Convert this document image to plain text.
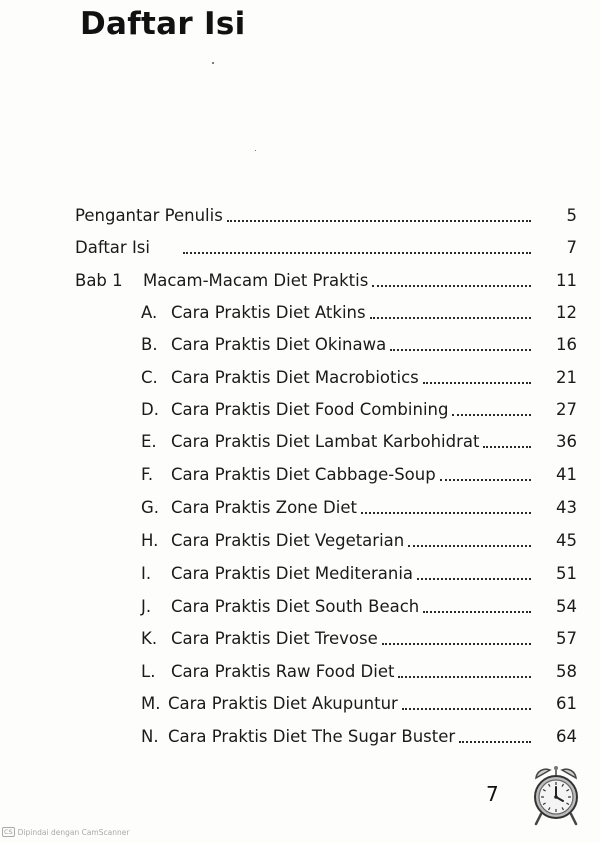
Daftar Isi
Pengantar Penulis	5
Daftar Isi	7
Bab 1	Macam-Macam Diet Praktis	11
A. Cara Praktis Diet Atkins	12
B. Cara Praktis Diet Okinawa	16
C. Cara Praktis Diet Macrobiotics	21
D. Cara Praktis Diet Food Combining	27
E. Cara Praktis Diet Lambat Karbohidrat	36
F.	Cara Praktis Diet Cabbage-Soup	41
G. Cara Praktis Zone Diet	43
H. Cara Praktis Diet Vegetarian	45
I.	Cara Praktis Diet Mediterania	51
J.	Cara Praktis Diet South Beach	54
K. Cara Praktis Diet Trevose	57
L. Cara Praktis Raw Food Diet	58
M. Cara Praktis Diet Akupuntur	61
N. Cara Praktis Diet The Sugar Buster	64
7
CS Dipindai dengan CamScanner
